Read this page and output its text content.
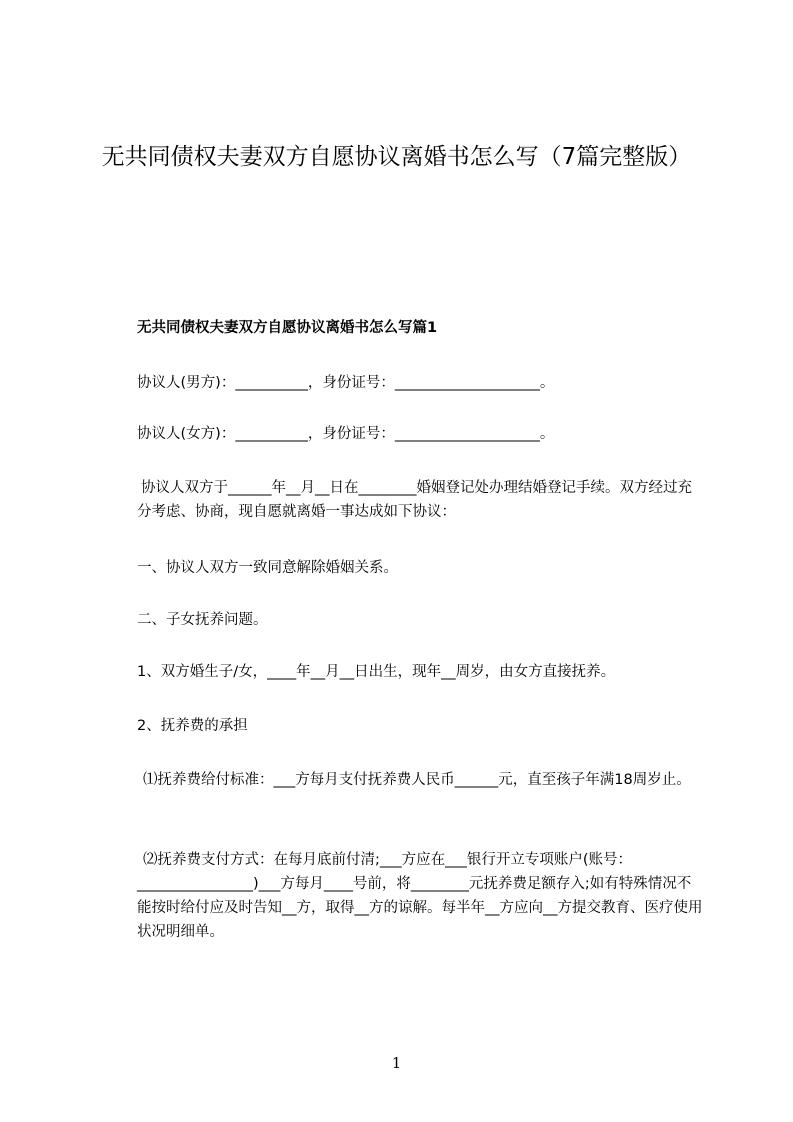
无共同债权夫妻双方自愿协议离婚书怎么写（7篇完整版）
无共同债权夫妻双方自愿协议离婚书怎么写篇1
协议人(男方)：__________，身份证号：____________________。
协议人(女方)：__________，身份证号：____________________。
协议人双方于______年__月__日在________婚姻登记处办理结婚登记手续。双方经过充分考虑、协商，现自愿就离婚一事达成如下协议：
一、协议人双方一致同意解除婚姻关系。
二、子女抚养问题。
1、双方婚生子/女，____年__月__日出生，现年__周岁，由女方直接抚养。
2、抚养费的承担
⑴抚养费给付标准：___方每月支付抚养费人民币______元，直至孩子年满18周岁止。
⑵抚养费支付方式：在每月底前付清;___方应在___银行开立专项账户(账号：________________)___方每月____号前，将________元抚养费足额存入;如有特殊情况不能按时给付应及时告知__方，取得__方的谅解。每半年__方应向__方提交教育、医疗使用状况明细单。
1
